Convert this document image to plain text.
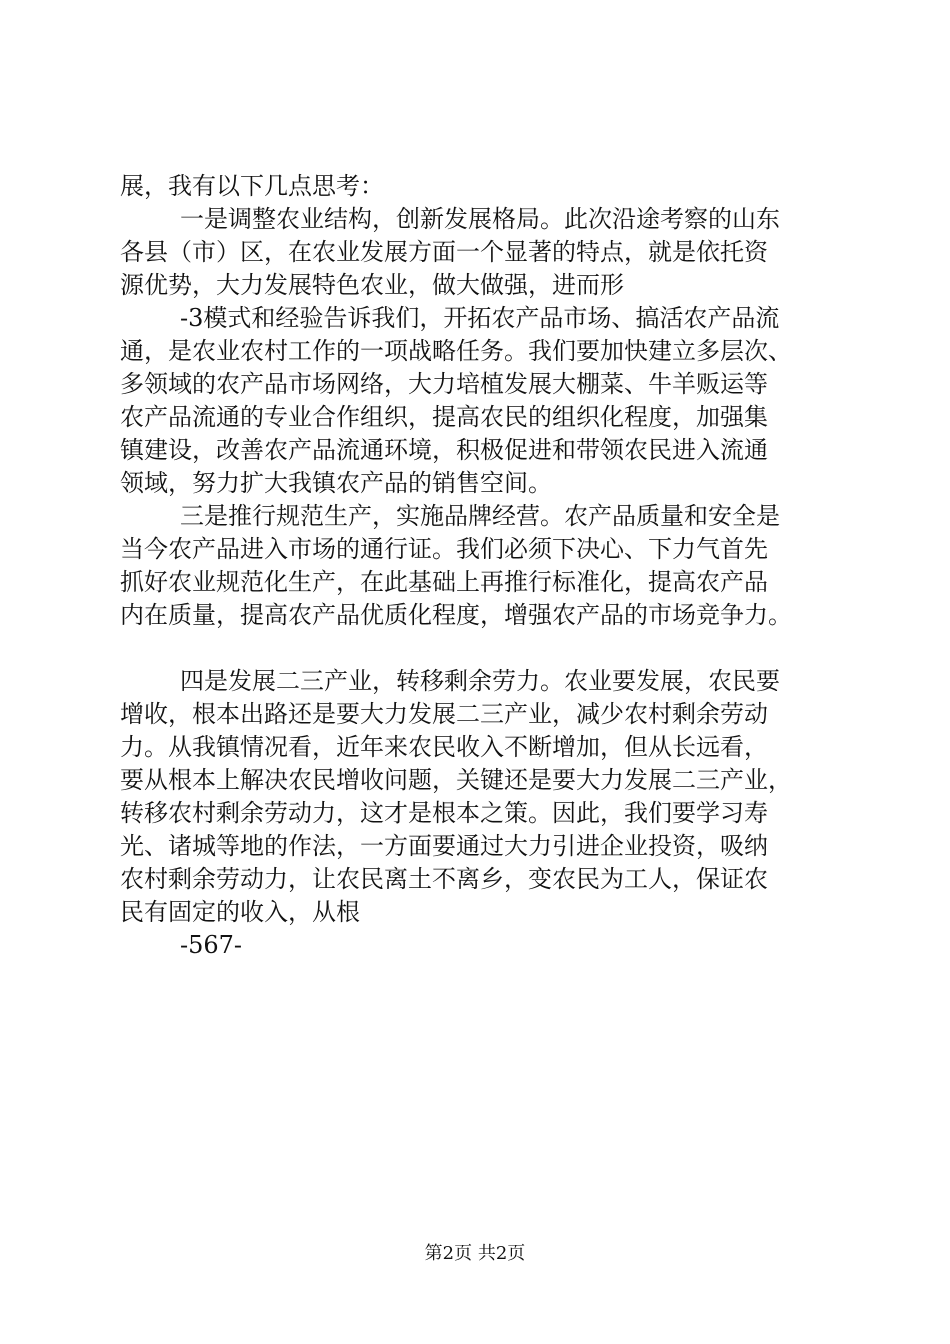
展，我有以下几点思考：
一是调整农业结构，创新发展格局。此次沿途考察的山东
各县（市）区，在农业发展方面一个显著的特点，就是依托资
源优势，大力发展特色农业，做大做强，进而形
-3模式和经验告诉我们，开拓农产品市场、搞活农产品流
通，是农业农村工作的一项战略任务。我们要加快建立多层次、
多领域的农产品市场网络，大力培植发展大棚菜、牛羊贩运等
农产品流通的专业合作组织，提高农民的组织化程度，加强集
镇建设，改善农产品流通环境，积极促进和带领农民进入流通
领域，努力扩大我镇农产品的销售空间。
三是推行规范生产，实施品牌经营。农产品质量和安全是
当今农产品进入市场的通行证。我们必须下决心、下力气首先
抓好农业规范化生产，在此基础上再推行标准化，提高农产品
内在质量，提高农产品优质化程度，增强农产品的市场竞争力。
四是发展二三产业，转移剩余劳力。农业要发展，农民要
增收，根本出路还是要大力发展二三产业，减少农村剩余劳动
力。从我镇情况看，近年来农民收入不断增加，但从长远看，
要从根本上解决农民增收问题，关键还是要大力发展二三产业，
转移农村剩余劳动力，这才是根本之策。因此，我们要学习寿
光、诸城等地的作法，一方面要通过大力引进企业投资，吸纳
农村剩余劳动力，让农民离土不离乡，变农民为工人，保证农
民有固定的收入，从根
-567-
第2页 共2页
